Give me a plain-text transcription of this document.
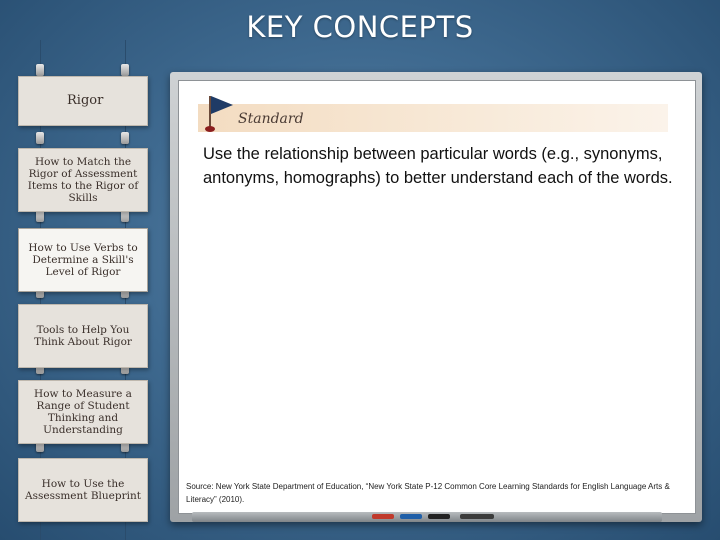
KEY CONCEPTS
Rigor
How to Match the Rigor of Assessment Items to the Rigor of Skills
How to Use Verbs to Determine a Skill's Level of Rigor
Tools to Help You Think About Rigor
How to Measure a Range of Student Thinking and Understanding
How to Use the Assessment Blueprint
Standard
Use the relationship between particular words (e.g., synonyms, antonyms, homographs) to better understand each of the words.
Source: New York State Department of Education, “New York State P-12 Common Core Learning Standards for English Language Arts & Literacy” (2010).
